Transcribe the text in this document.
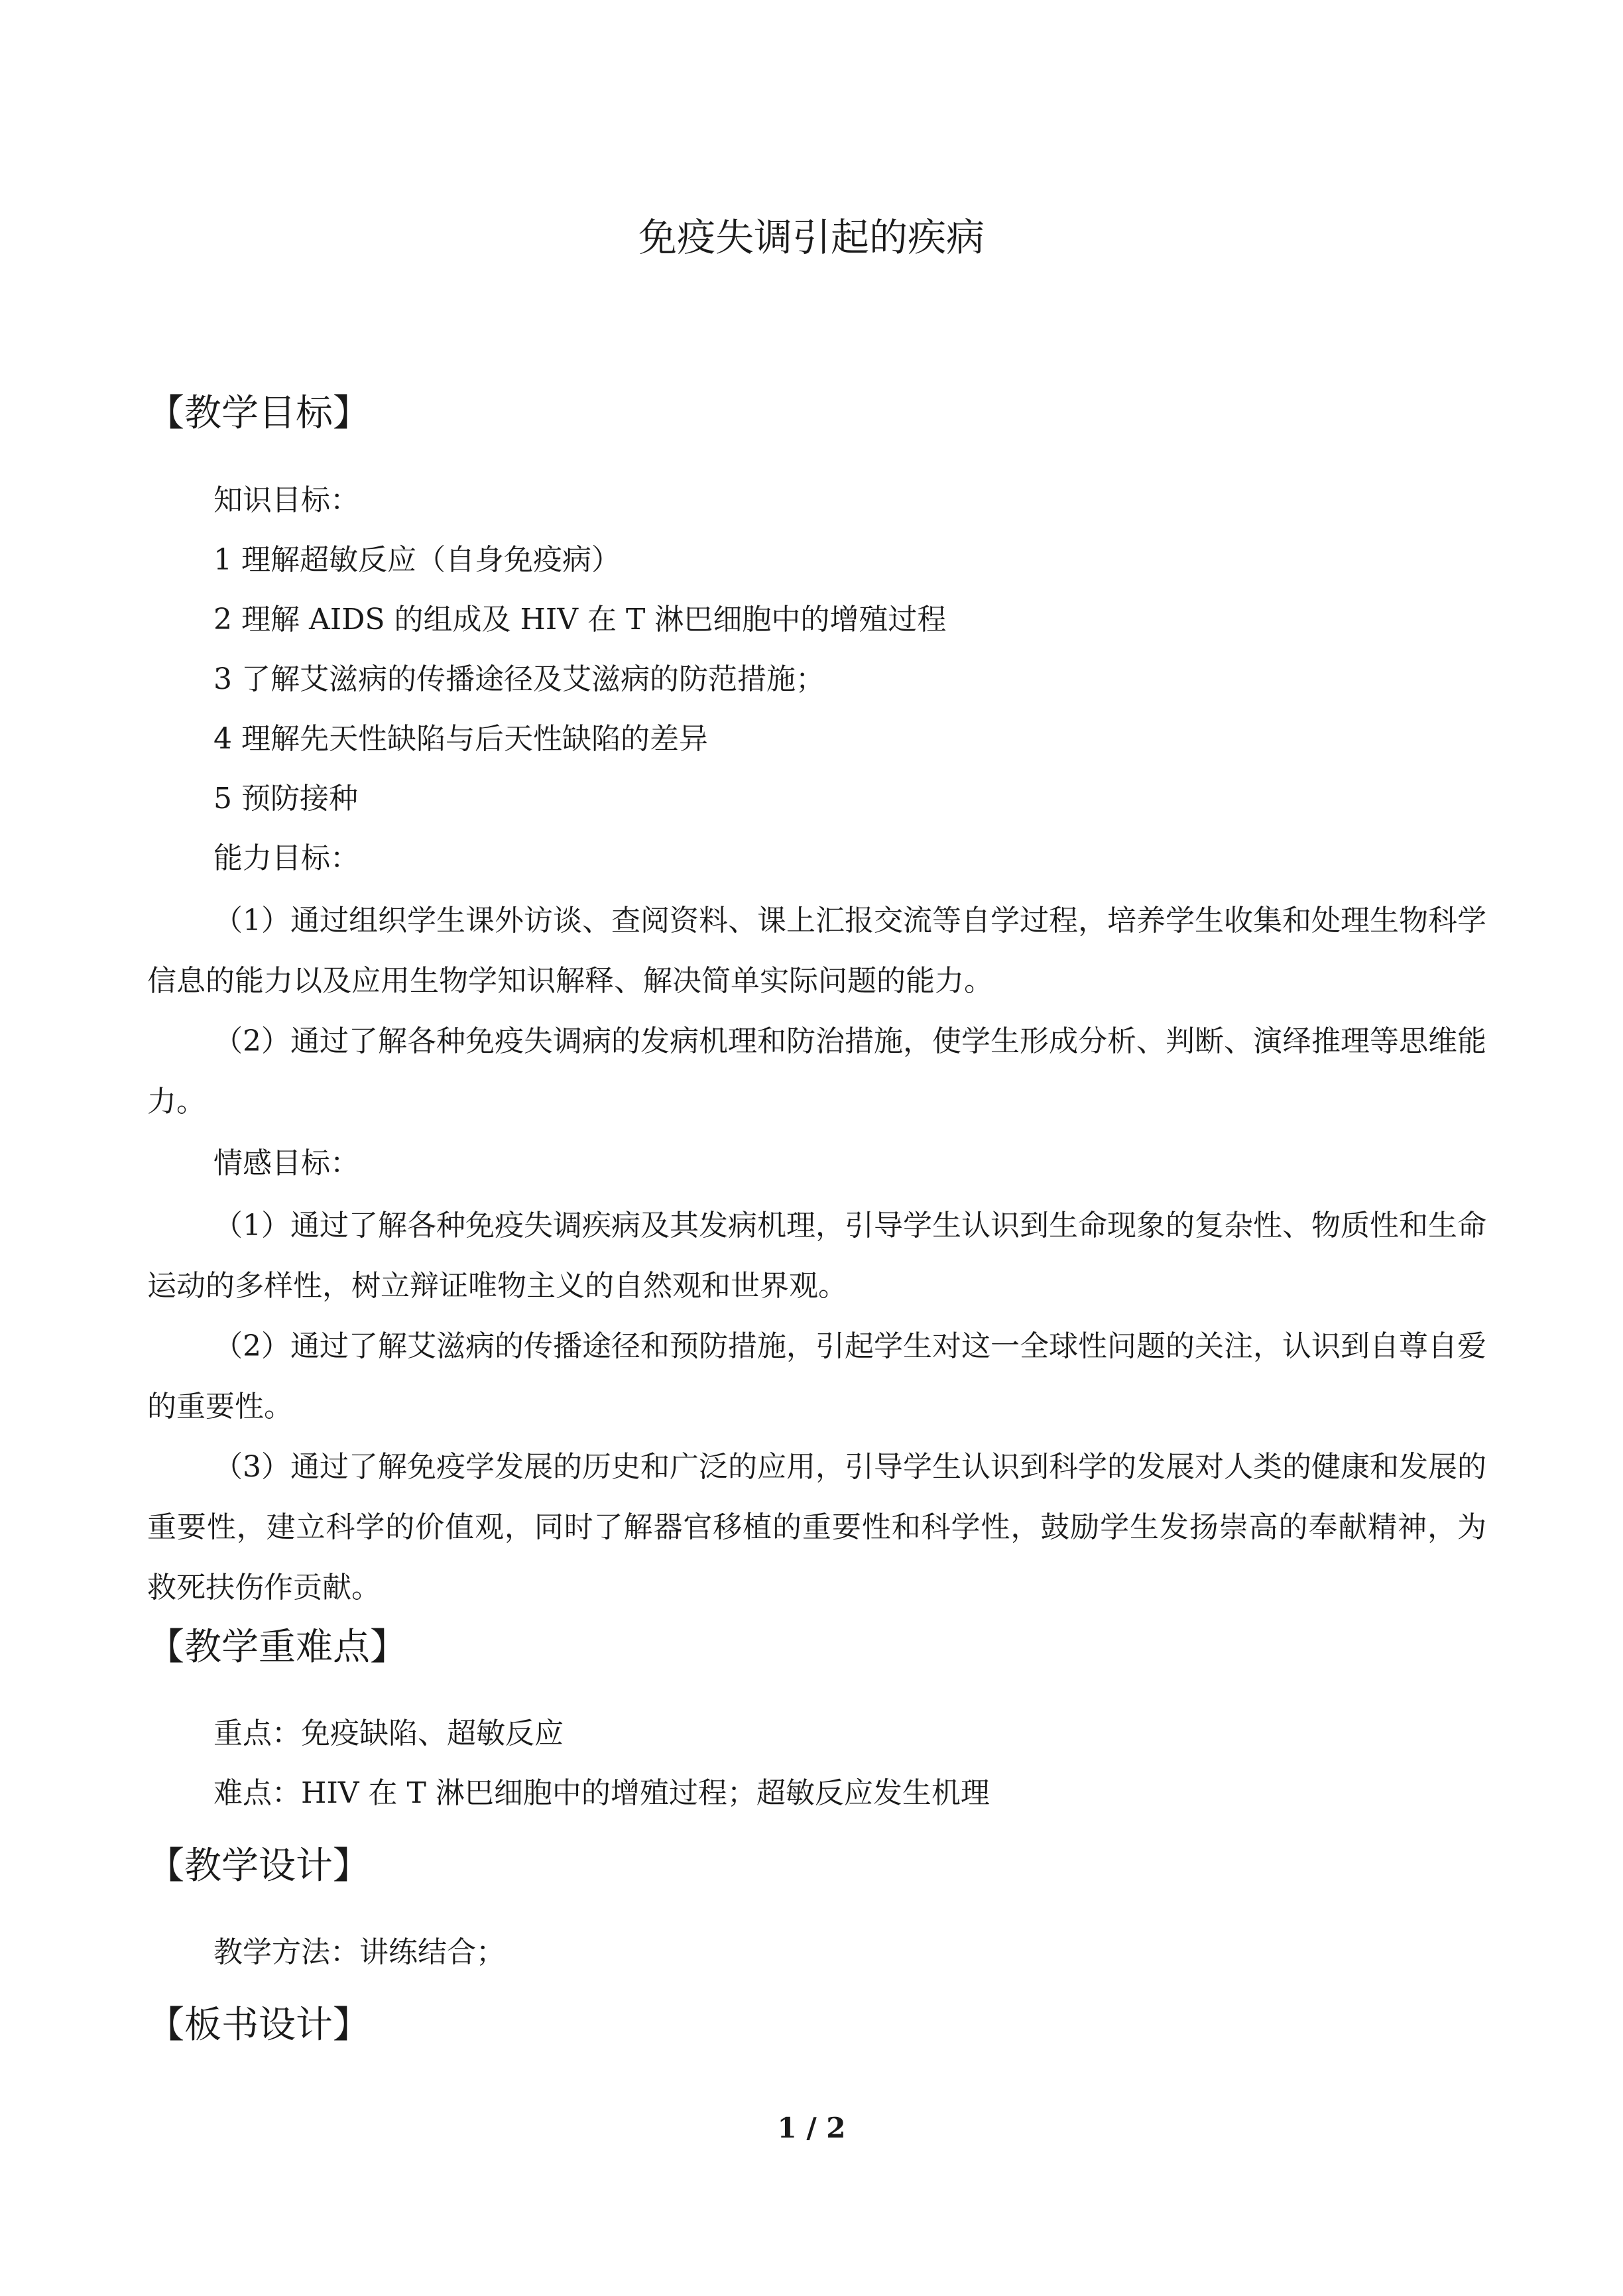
免疫失调引起的疾病
【教学目标】
知识目标：
1 理解超敏反应（自身免疫病）
2 理解 AIDS 的组成及 HIV 在 T 淋巴细胞中的增殖过程
3 了解艾滋病的传播途径及艾滋病的防范措施；
4 理解先天性缺陷与后天性缺陷的差异
5 预防接种
能力目标：
（1）通过组织学生课外访谈、查阅资料、课上汇报交流等自学过程，培养学生收集和处理生物科学信息的能力以及应用生物学知识解释、解决简单实际问题的能力。
（2）通过了解各种免疫失调病的发病机理和防治措施，使学生形成分析、判断、演绎推理等思维能力。
情感目标：
（1）通过了解各种免疫失调疾病及其发病机理，引导学生认识到生命现象的复杂性、物质性和生命运动的多样性，树立辩证唯物主义的自然观和世界观。
（2）通过了解艾滋病的传播途径和预防措施，引起学生对这一全球性问题的关注，认识到自尊自爱的重要性。
（3）通过了解免疫学发展的历史和广泛的应用，引导学生认识到科学的发展对人类的健康和发展的重要性，建立科学的价值观，同时了解器官移植的重要性和科学性，鼓励学生发扬崇高的奉献精神，为救死扶伤作贡献。
【教学重难点】
重点：免疫缺陷、超敏反应
难点：HIV 在 T 淋巴细胞中的增殖过程；超敏反应发生机理
【教学设计】
教学方法：讲练结合；
【板书设计】
1 / 2
